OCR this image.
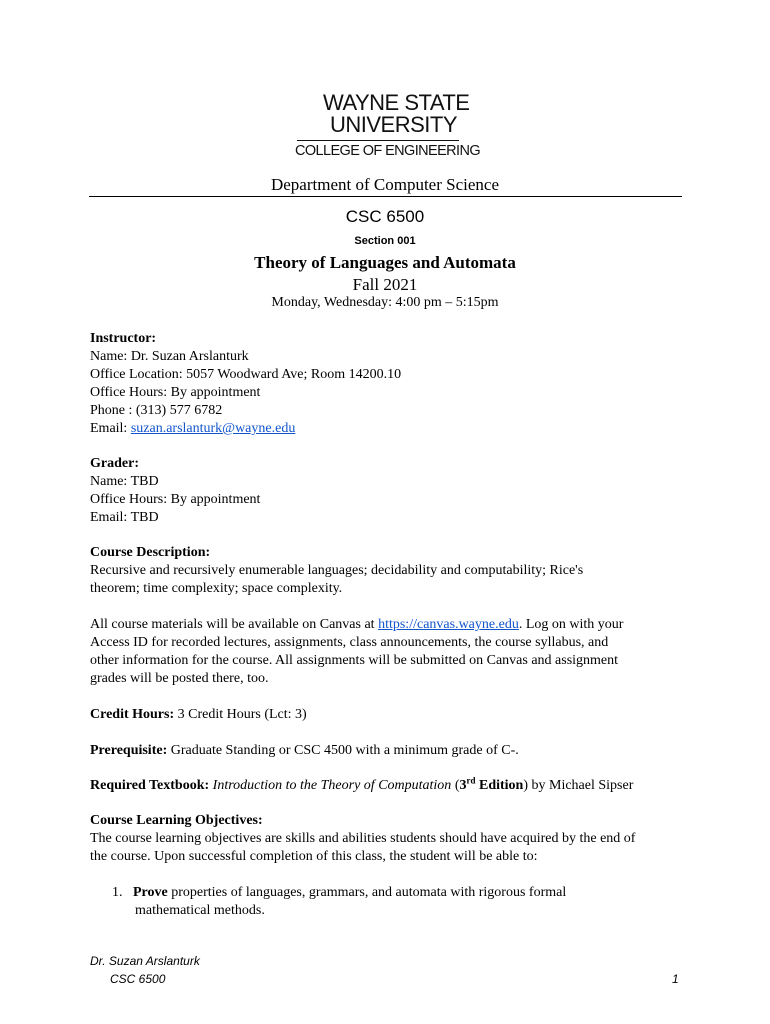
WAYNE STATE
UNIVERSITY
COLLEGE OF ENGINEERING
Department of Computer Science
CSC 6500
Section 001
Theory of Languages and Automata
Fall 2021
Monday, Wednesday: 4:00 pm – 5:15pm
Instructor:
Name: Dr. Suzan Arslanturk
Office Location: 5057 Woodward Ave; Room 14200.10
Office Hours: By appointment
Phone : (313) 577 6782
Email: suzan.arslanturk@wayne.edu
Grader:
Name: TBD
Office Hours: By appointment
Email: TBD
Course Description:
Recursive and recursively enumerable languages; decidability and computability; Rice's
theorem; time complexity; space complexity.
All course materials will be available on Canvas at https://canvas.wayne.edu. Log on with your
Access ID for recorded lectures, assignments, class announcements, the course syllabus, and
other information for the course. All assignments will be submitted on Canvas and assignment
grades will be posted there, too.
Credit Hours: 3 Credit Hours (Lct: 3)
Prerequisite: Graduate Standing or CSC 4500 with a minimum grade of C-.
Required Textbook: Introduction to the Theory of Computation (3rd Edition) by Michael Sipser
Course Learning Objectives:
The course learning objectives are skills and abilities students should have acquired by the end of
the course. Upon successful completion of this class, the student will be able to:
1. Prove properties of languages, grammars, and automata with rigorous formal
mathematical methods.
Dr. Suzan Arslanturk
CSC 6500	1
